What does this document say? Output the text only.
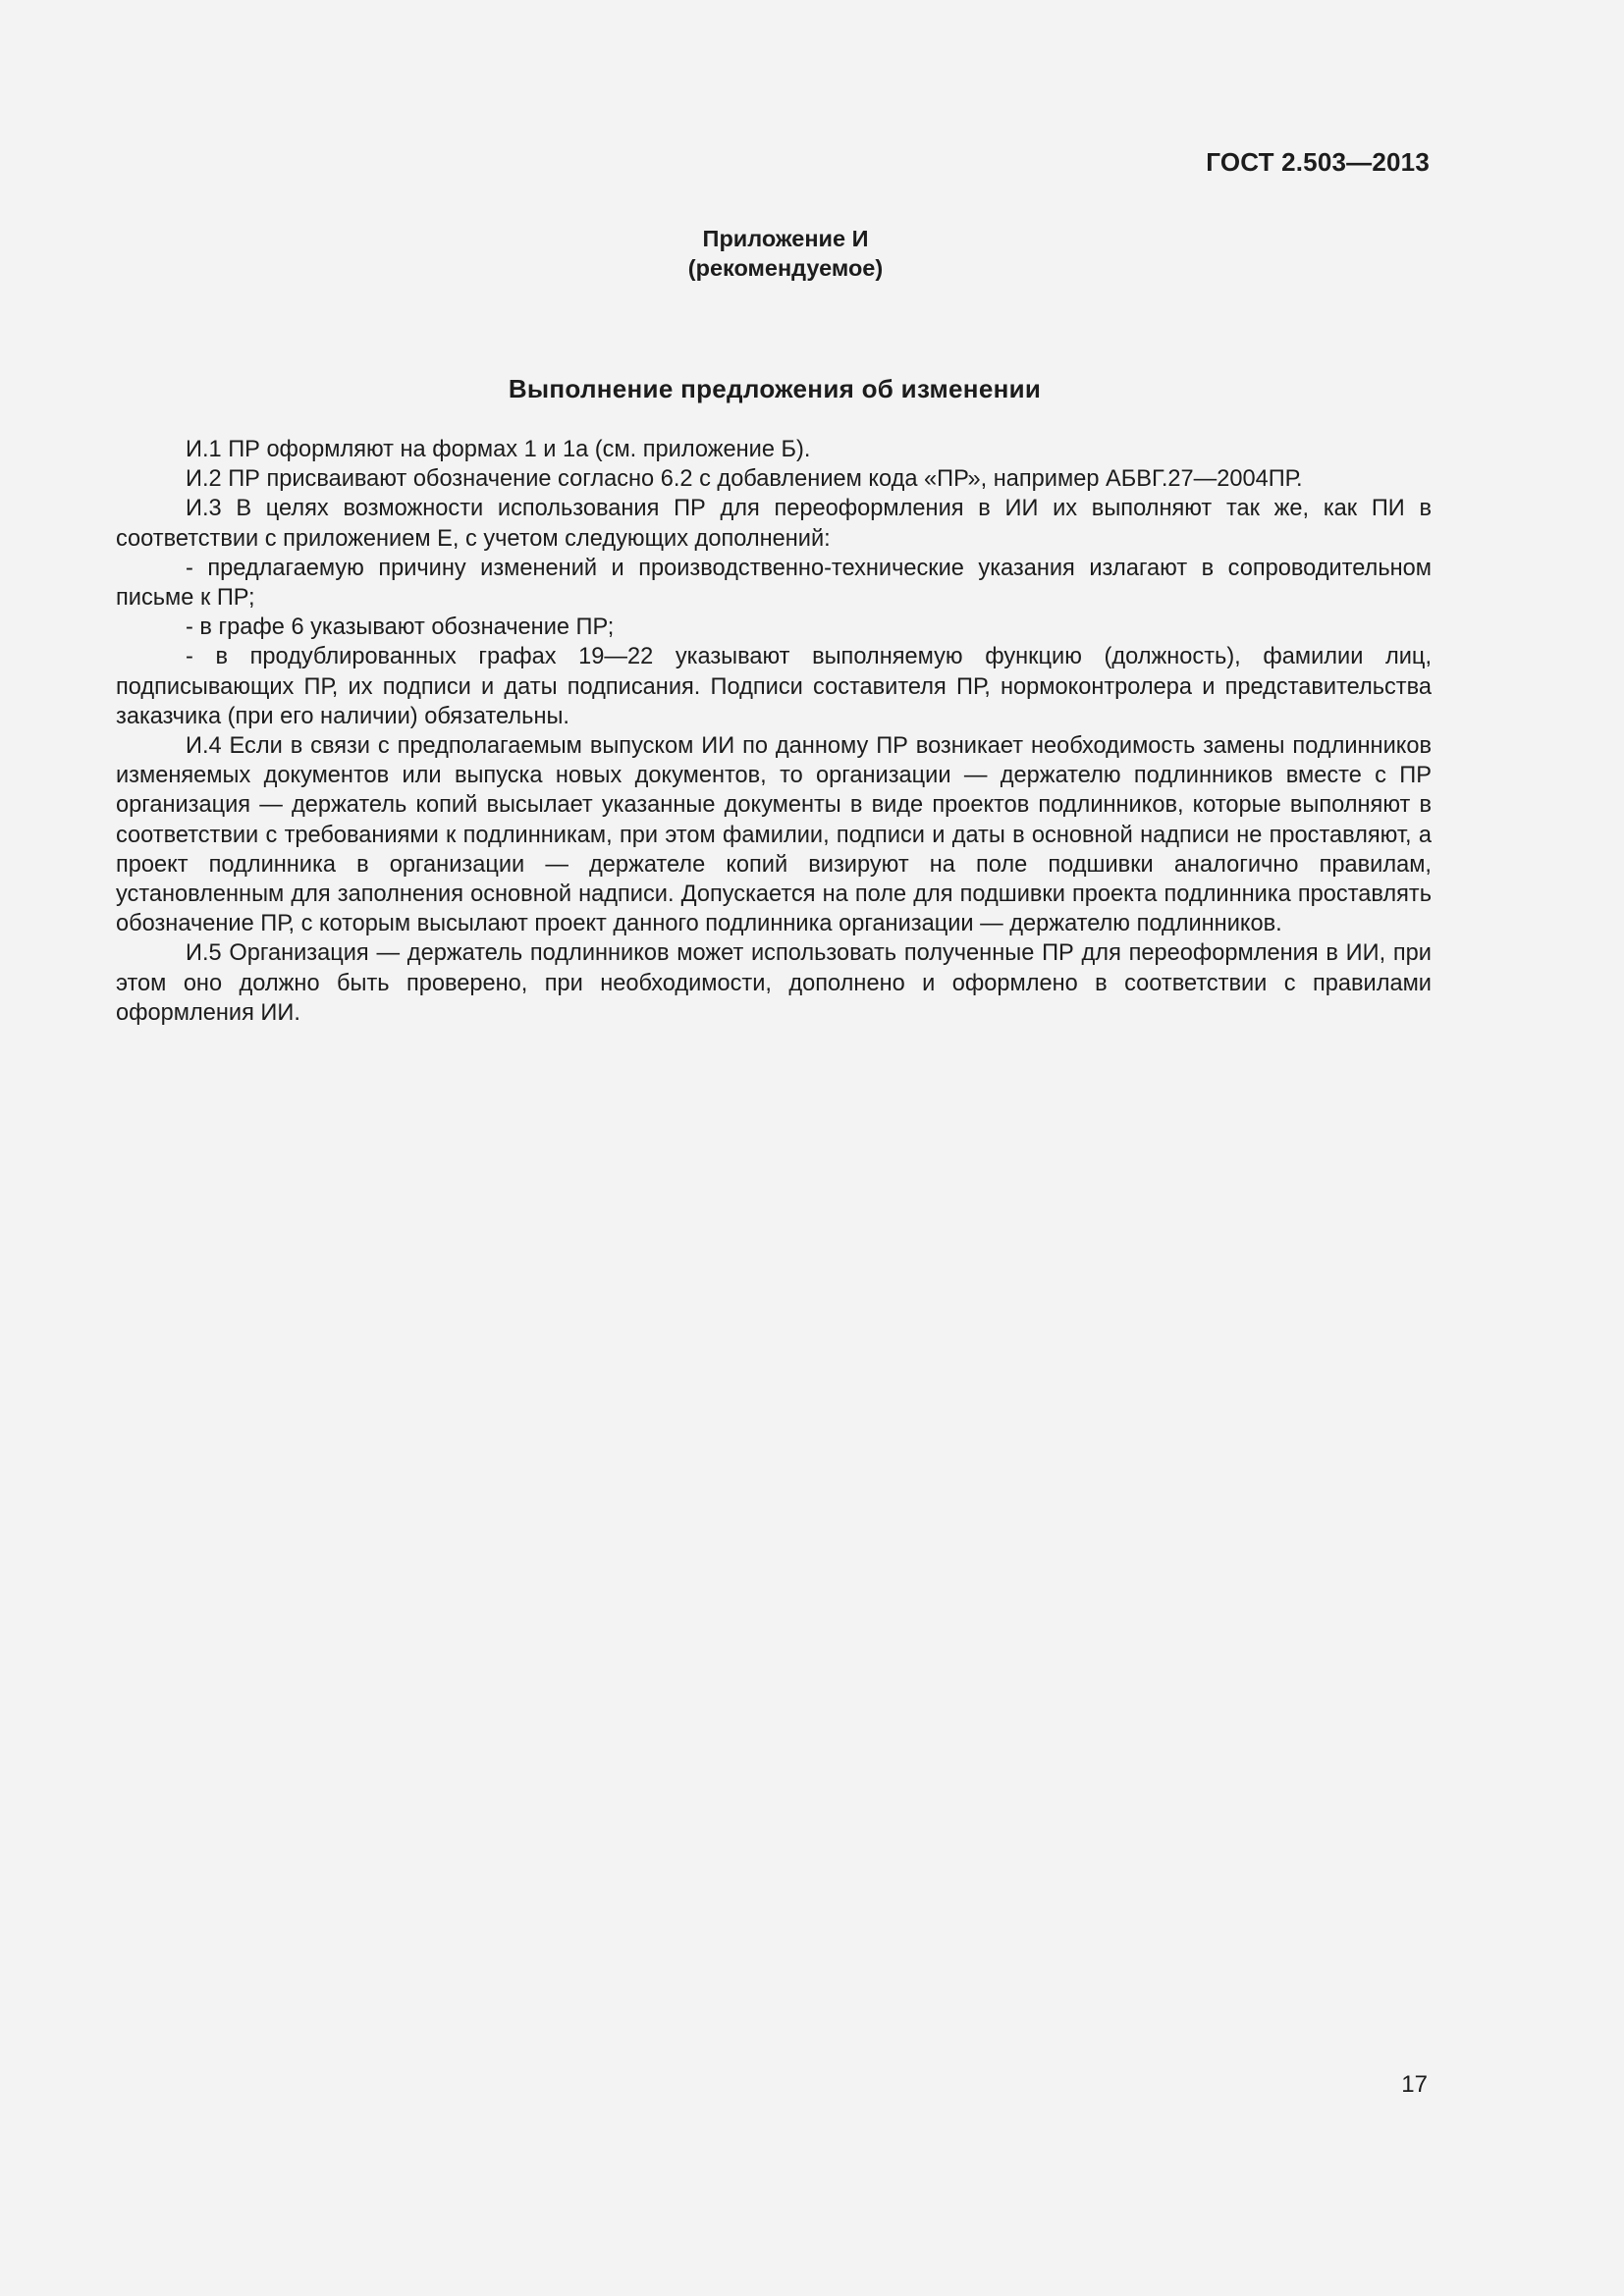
ГОСТ 2.503—2013
Приложение И
(рекомендуемое)
Выполнение предложения об изменении

И.1 ПР оформляют на формах 1 и 1а (см. приложение Б).

И.2 ПР присваивают обозначение согласно 6.2 с добавлением кода «ПР», например АБВГ.27—2004ПР.

И.3 В целях возможности использования ПР для переоформления в ИИ их выполняют так же, как ПИ в соответствии с приложением Е, с учетом следующих дополнений:

- предлагаемую причину изменений и производственно-технические указания излагают в сопроводительном письме к ПР;

- в графе 6 указывают обозначение ПР;

- в продублированных графах 19—22 указывают выполняемую функцию (должность), фамилии лиц, подписывающих ПР, их подписи и даты подписания. Подписи составителя ПР, нормоконтролера и представительства заказчика (при его наличии) обязательны.

И.4 Если в связи с предполагаемым выпуском ИИ по данному ПР возникает необходимость замены подлинников изменяемых документов или выпуска новых документов, то организации — держателю подлинников вместе с ПР организация — держатель копий высылает указанные документы в виде проектов подлинников, которые выполняют в соответствии с требованиями к подлинникам, при этом фамилии, подписи и даты в основной надписи не проставляют, а проект подлинника в организации — держателе копий визируют на поле подшивки аналогично правилам, установленным для заполнения основной надписи. Допускается на поле для подшивки проекта подлинника проставлять обозначение ПР, с которым высылают проект данного подлинника организации — держателю подлинников.

И.5 Организация — держатель подлинников может использовать полученные ПР для переоформления в ИИ, при этом оно должно быть проверено, при необходимости, дополнено и оформлено в соответствии с правилами оформления ИИ.

17
